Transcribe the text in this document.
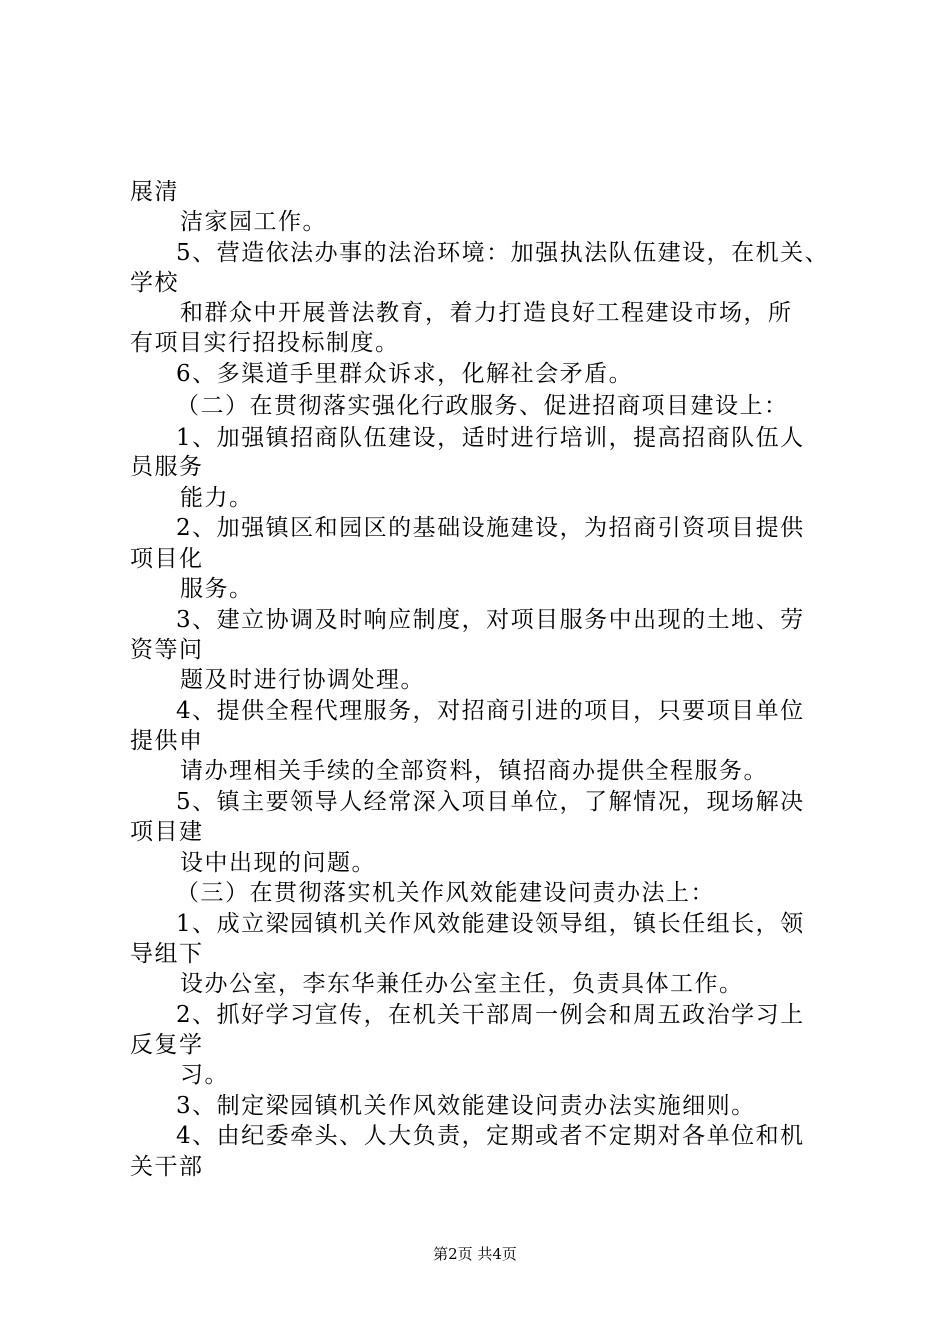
展清
洁家园工作。
5、营造依法办事的法治环境：加强执法队伍建设，在机关、
学校
和群众中开展普法教育，着力打造良好工程建设市场，所
有项目实行招投标制度。
6、多渠道手里群众诉求，化解社会矛盾。
（二）在贯彻落实强化行政服务、促进招商项目建设上：
1、加强镇招商队伍建设，适时进行培训，提高招商队伍人
员服务
能力。
2、加强镇区和园区的基础设施建设，为招商引资项目提供
项目化
服务。
3、建立协调及时响应制度，对项目服务中出现的土地、劳
资等问
题及时进行协调处理。
4、提供全程代理服务，对招商引进的项目，只要项目单位
提供申
请办理相关手续的全部资料，镇招商办提供全程服务。
5、镇主要领导人经常深入项目单位，了解情况，现场解决
项目建
设中出现的问题。
（三）在贯彻落实机关作风效能建设问责办法上：
1、成立梁园镇机关作风效能建设领导组，镇长任组长，领
导组下
设办公室，李东华兼任办公室主任，负责具体工作。
2、抓好学习宣传，在机关干部周一例会和周五政治学习上
反复学
习。
3、制定梁园镇机关作风效能建设问责办法实施细则。
4、由纪委牵头、人大负责，定期或者不定期对各单位和机
关干部
第2页 共4页
